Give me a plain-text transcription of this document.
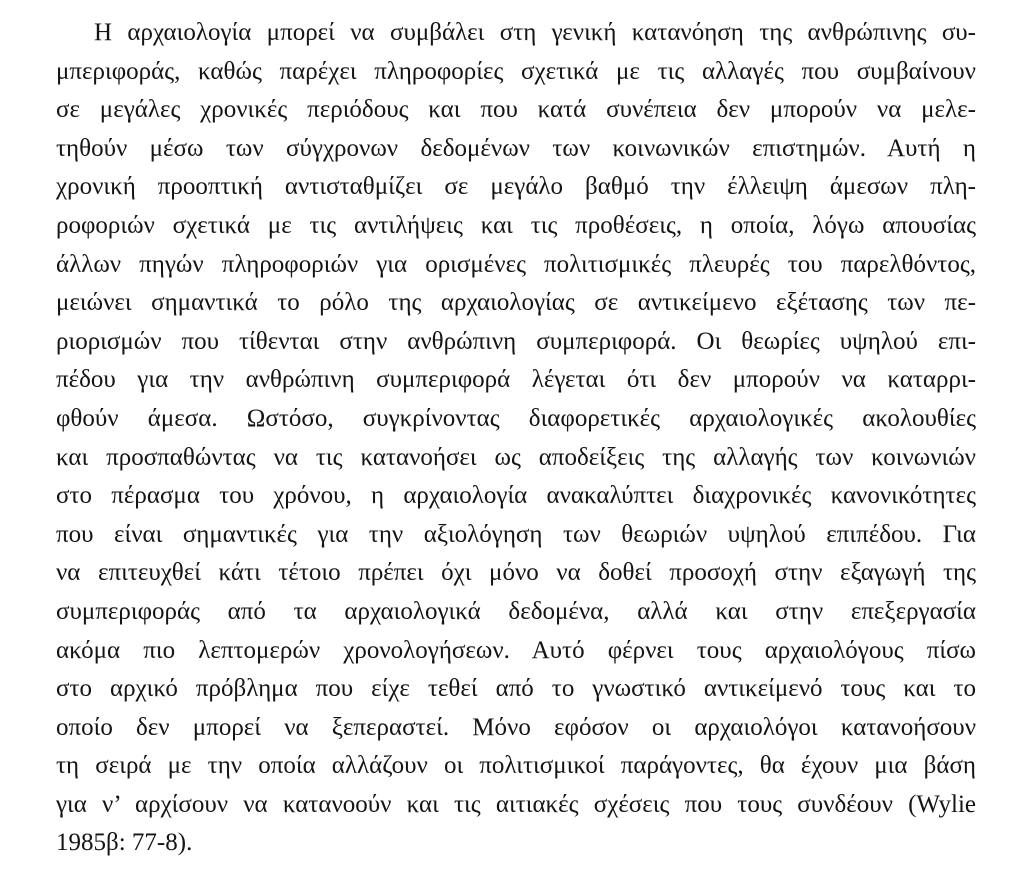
Η αρχαιολογία μπορεί να συμβάλει στη γενική κατανόηση της ανθρώπινης συ-
μπεριφοράς, καθώς παρέχει πληροφορίες σχετικά με τις αλλαγές που συμβαίνουν
σε μεγάλες χρονικές περιόδους και που κατά συνέπεια δεν μπορούν να μελε-
τηθούν μέσω των σύγχρονων δεδομένων των κοινωνικών επιστημών. Αυτή η
χρονική προοπτική αντισταθμίζει σε μεγάλο βαθμό την έλλειψη άμεσων πλη-
ροφοριών σχετικά με τις αντιλήψεις και τις προθέσεις, η οποία, λόγω απουσίας
άλλων πηγών πληροφοριών για ορισμένες πολιτισμικές πλευρές του παρελθόντος,
μειώνει σημαντικά το ρόλο της αρχαιολογίας σε αντικείμενο εξέτασης των πε-
ριορισμών που τίθενται στην ανθρώπινη συμπεριφορά. Οι θεωρίες υψηλού επι-
πέδου για την ανθρώπινη συμπεριφορά λέγεται ότι δεν μπορούν να καταρρι-
φθούν άμεσα. Ωστόσο, συγκρίνοντας διαφορετικές αρχαιολογικές ακολουθίες
και προσπαθώντας να τις κατανοήσει ως αποδείξεις της αλλαγής των κοινωνιών
στο πέρασμα του χρόνου, η αρχαιολογία ανακαλύπτει διαχρονικές κανονικότητες
που είναι σημαντικές για την αξιολόγηση των θεωριών υψηλού επιπέδου. Για
να επιτευχθεί κάτι τέτοιο πρέπει όχι μόνο να δοθεί προσοχή στην εξαγωγή της
συμπεριφοράς από τα αρχαιολογικά δεδομένα, αλλά και στην επεξεργασία
ακόμα πιο λεπτομερών χρονολογήσεων. Αυτό φέρνει τους αρχαιολόγους πίσω
στο αρχικό πρόβλημα που είχε τεθεί από το γνωστικό αντικείμενό τους και το
οποίο δεν μπορεί να ξεπεραστεί. Μόνο εφόσον οι αρχαιολόγοι κατανοήσουν
τη σειρά με την οποία αλλάζουν οι πολιτισμικοί παράγοντες, θα έχουν μια βάση
για ν’ αρχίσουν να κατανοούν και τις αιτιακές σχέσεις που τους συνδέουν (Wylie
1985β: 77-8).
